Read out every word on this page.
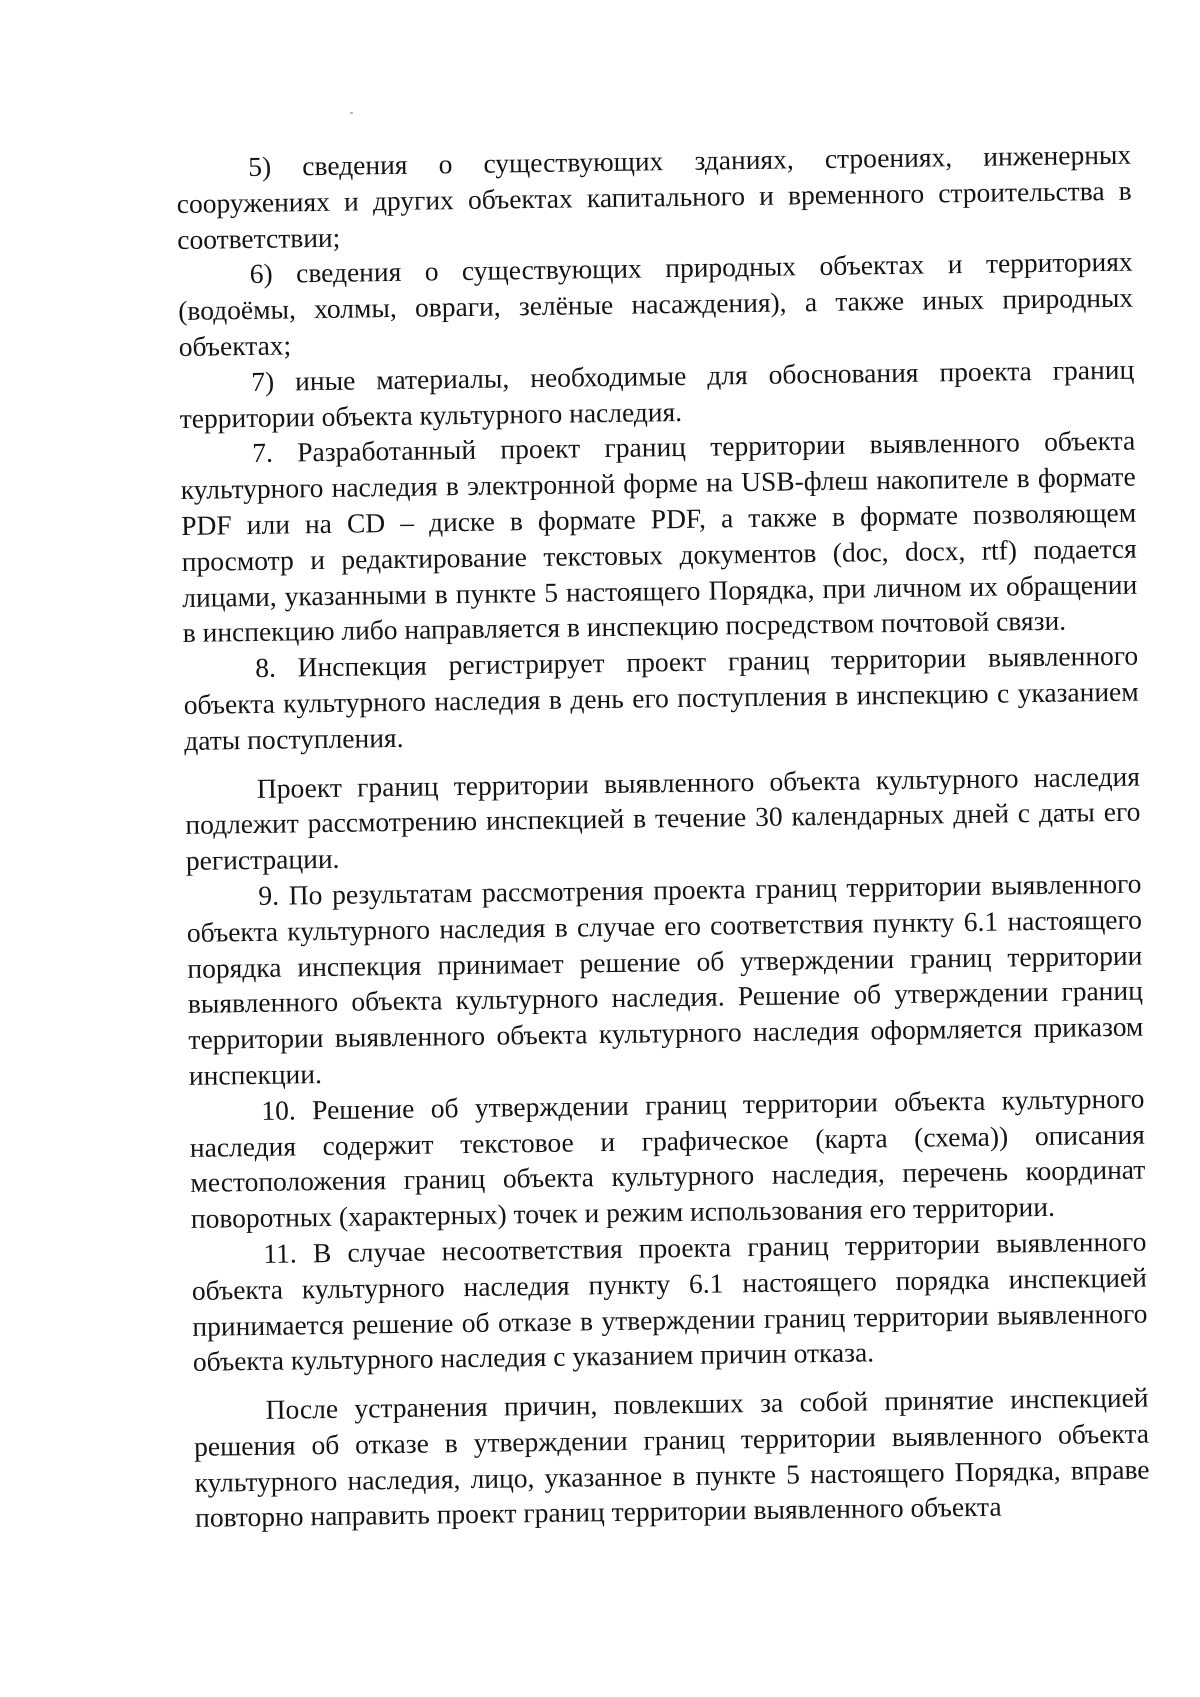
5) сведения о существующих зданиях, строениях, инженерных сооружениях и других объектах капитального и временного строительства в соответствии;

6) сведения о существующих природных объектах и территориях (водоёмы, холмы, овраги, зелёные насаждения), а также иных природных объектах;

7) иные материалы, необходимые для обоснования проекта границ территории объекта культурного наследия.

7. Разработанный проект границ территории выявленного объекта культурного наследия в электронной форме на USB-флеш накопителе в формате PDF или на CD – диске в формате PDF, а также в формате позволяющем просмотр и редактирование текстовых документов (doc, docx, rtf) подается лицами, указанными в пункте 5 настоящего Порядка, при личном их обращении в инспекцию либо направляется в инспекцию посредством почтовой связи.

8. Инспекция регистрирует проект границ территории выявленного объекта культурного наследия в день его поступления в инспекцию с указанием даты поступления.

Проект границ территории выявленного объекта культурного наследия подлежит рассмотрению инспекцией в течение 30 календарных дней с даты его регистрации.

9. По результатам рассмотрения проекта границ территории выявленного объекта культурного наследия в случае его соответствия пункту 6.1 настоящего порядка инспекция принимает решение об утверждении границ территории выявленного объекта культурного наследия. Решение об утверждении границ территории выявленного объекта культурного наследия оформляется приказом инспекции.

10. Решение об утверждении границ территории объекта культурного наследия содержит текстовое и графическое (карта (схема)) описания местоположения границ объекта культурного наследия, перечень координат поворотных (характерных) точек и режим использования его территории.

11. В случае несоответствия проекта границ территории выявленного объекта культурного наследия пункту 6.1 настоящего порядка инспекцией принимается решение об отказе в утверждении границ территории выявленного объекта культурного наследия с указанием причин отказа.

После устранения причин, повлекших за собой принятие инспекцией решения об отказе в утверждении границ территории выявленного объекта культурного наследия, лицо, указанное в пункте 5 настоящего Порядка, вправе повторно направить проект границ территории выявленного объекта
